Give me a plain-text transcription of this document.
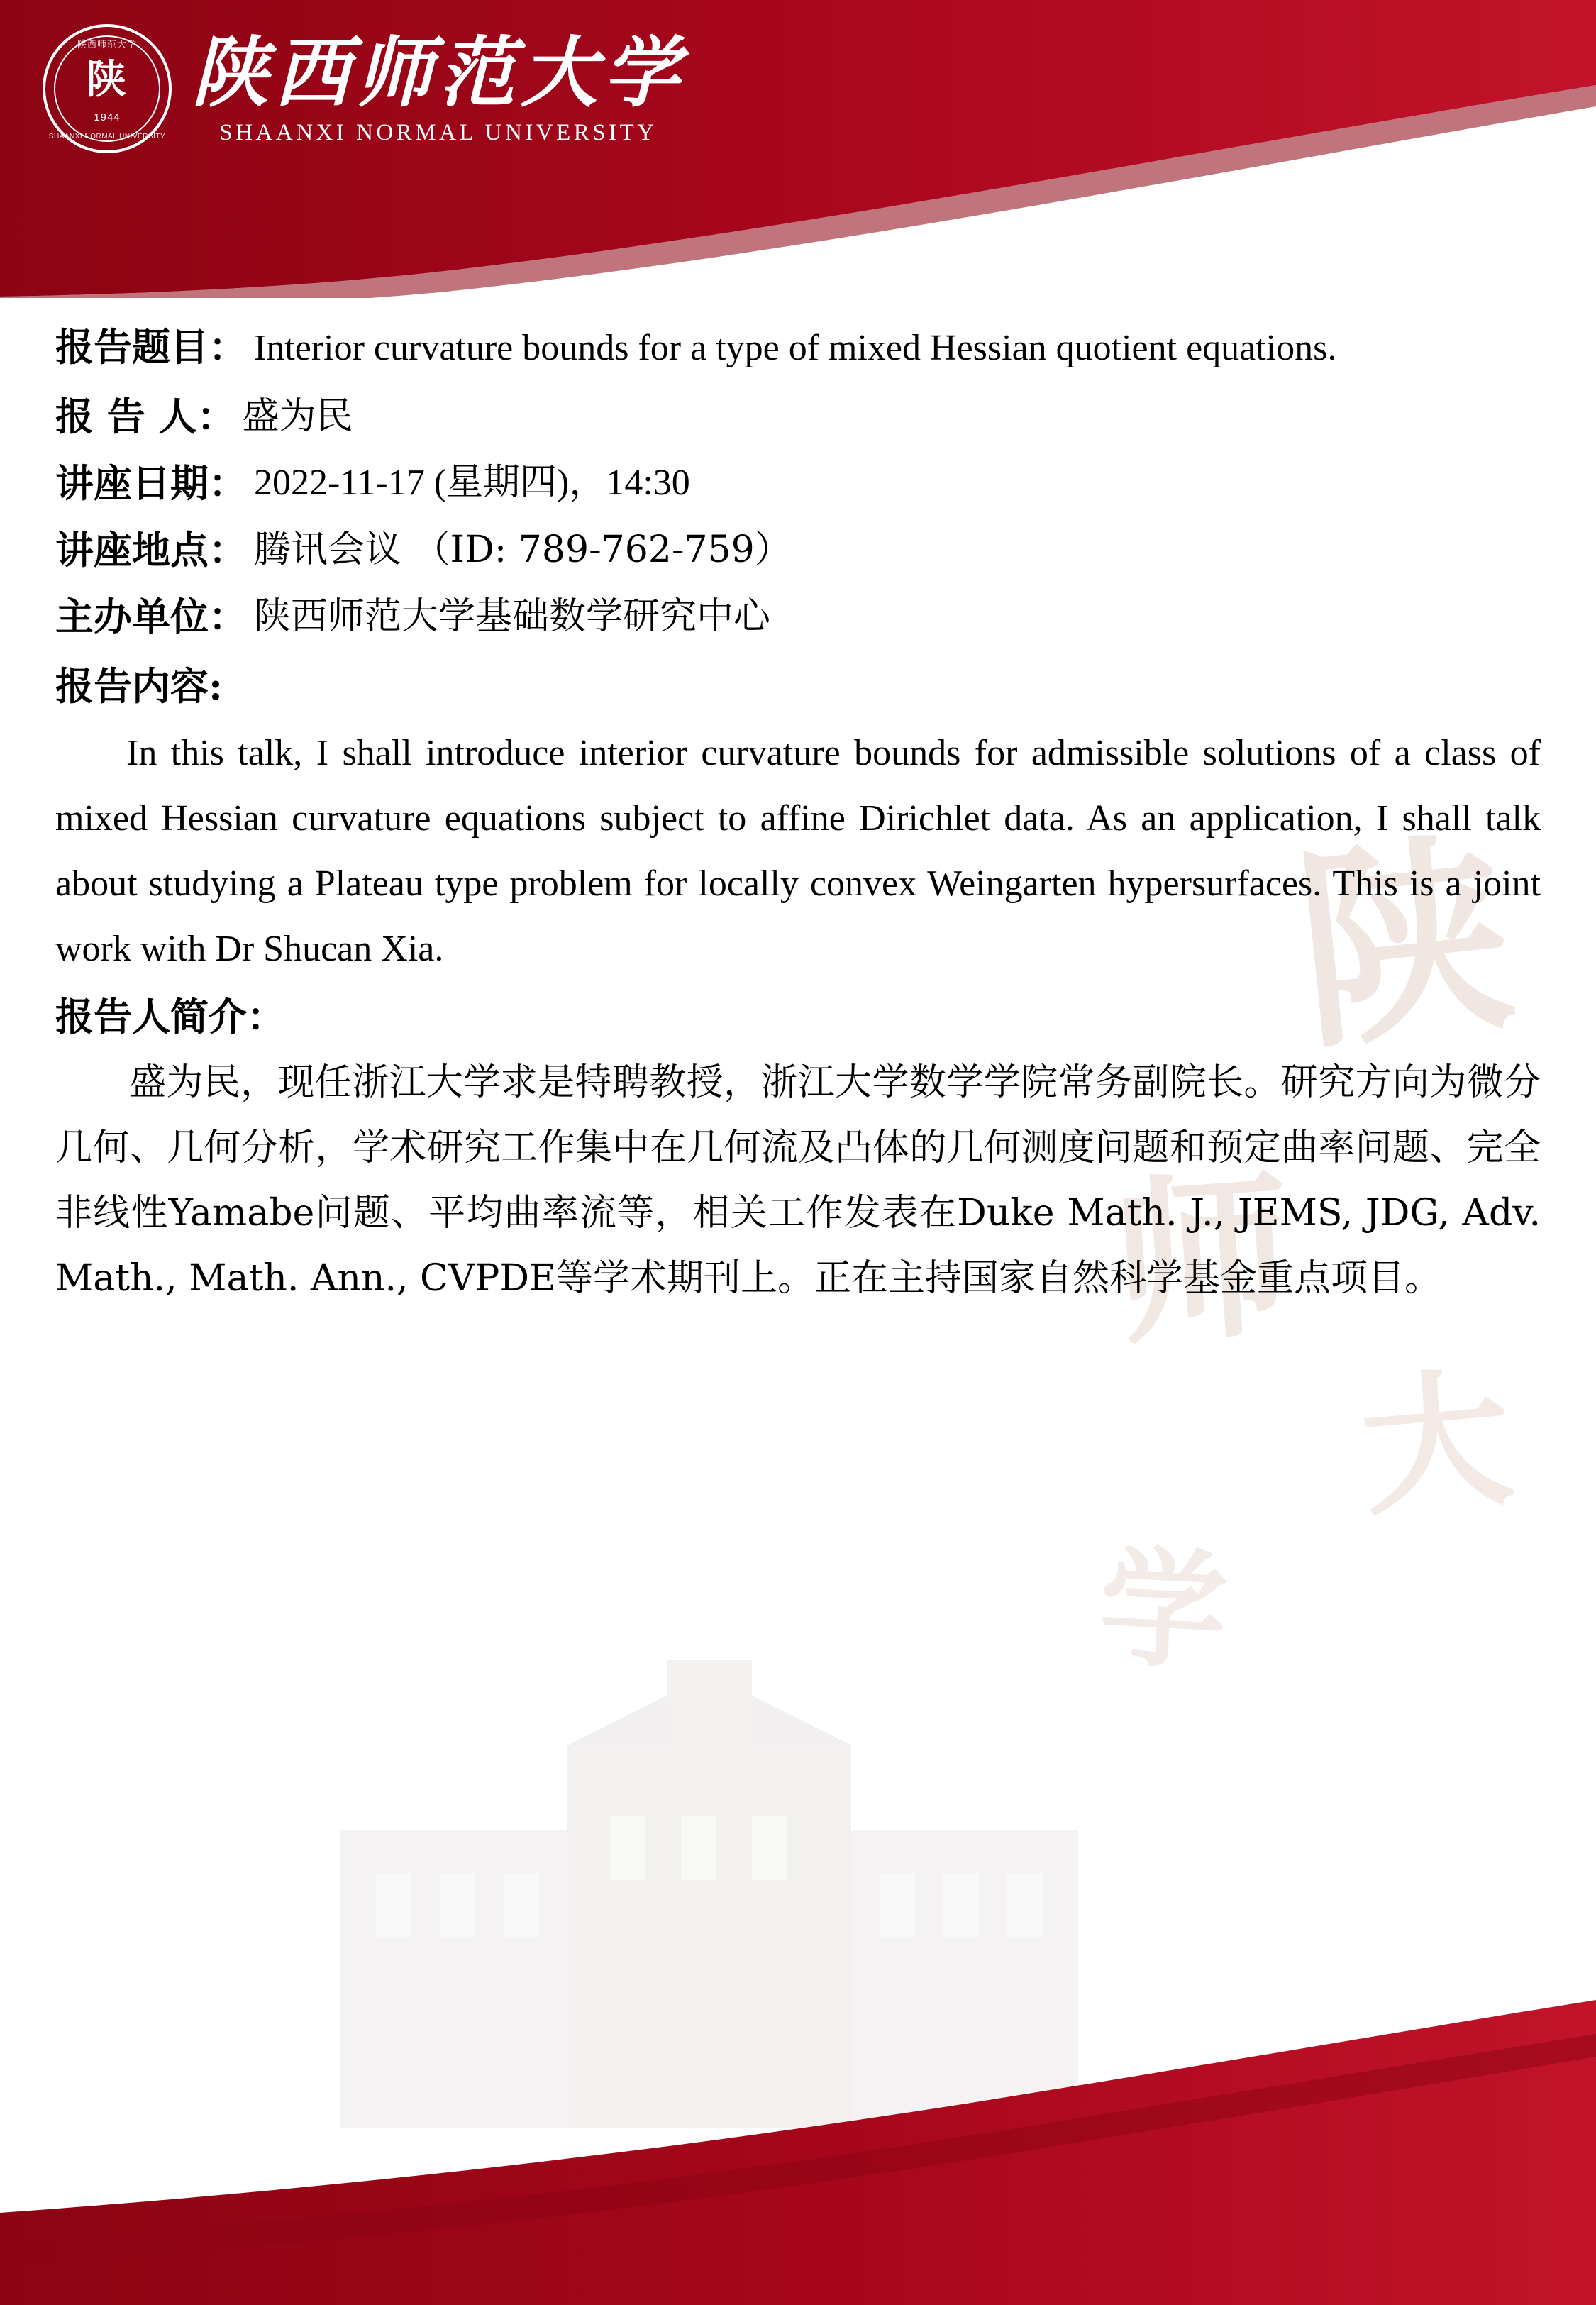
陕西师范大学
陕
1944
SHAANXI NORMAL UNIVERSITY
陕西师范大学
SHAANXI NORMAL UNIVERSITY
陕
师
大
学
报告题目： Interior curvature bounds for a type of mixed Hessian quotient equations.
报 告 人： 盛为民
讲座日期： 2022-11-17 (星期四)，14:30
讲座地点： 腾讯会议 （ID: 789-762-759）
主办单位： 陕西师范大学基础数学研究中心
报告内容:
In this talk, I shall introduce interior curvature bounds for admissible solutions of a class of mixed Hessian curvature equations subject to affine Dirichlet data. As an application, I shall talk about studying a Plateau type problem for locally convex Weingarten hypersurfaces. This is a joint work with Dr Shucan Xia.
报告人简介：
盛为民，现任浙江大学求是特聘教授，浙江大学数学学院常务副院长。研究方向为微分几何、几何分析，学术研究工作集中在几何流及凸体的几何测度问题和预定曲率问题、完全非线性Yamabe问题、平均曲率流等，相关工作发表在Duke Math. J., JEMS, JDG, Adv. Math., Math. Ann., CVPDE等学术期刊上。正在主持国家自然科学基金重点项目。
